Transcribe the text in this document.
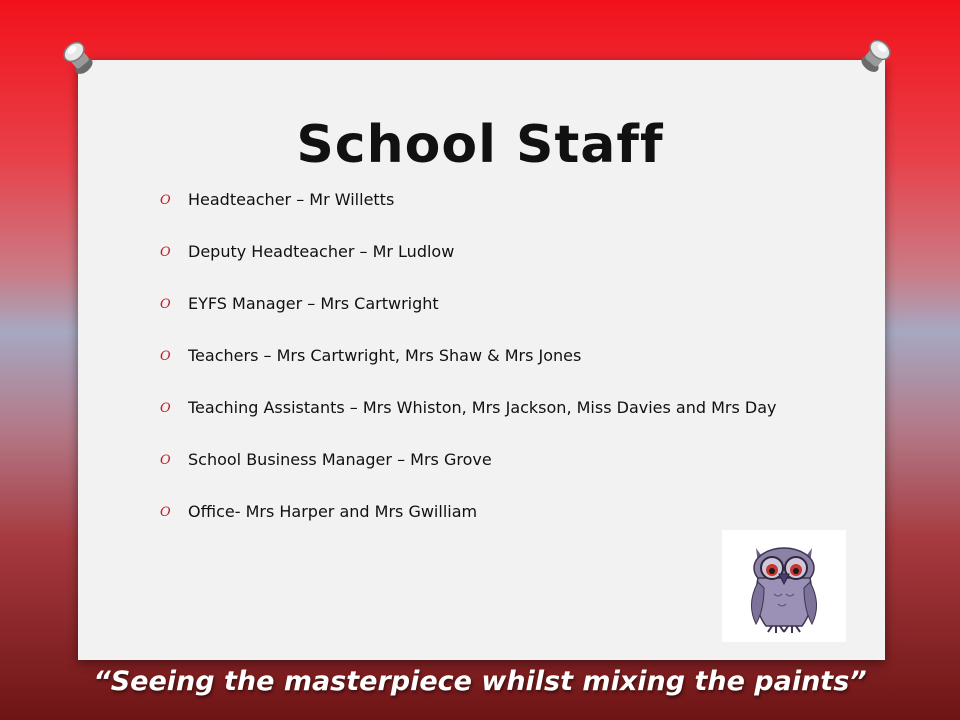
School Staff
O Headteacher – Mr Willetts
O Deputy Headteacher – Mr Ludlow
O EYFS Manager – Mrs Cartwright
O Teachers – Mrs Cartwright, Mrs Shaw & Mrs Jones
O Teaching Assistants – Mrs Whiston, Mrs Jackson, Miss Davies and Mrs Day
O School Business Manager – Mrs Grove
O Office- Mrs Harper and Mrs Gwilliam
“Seeing the masterpiece whilst mixing the paints”
